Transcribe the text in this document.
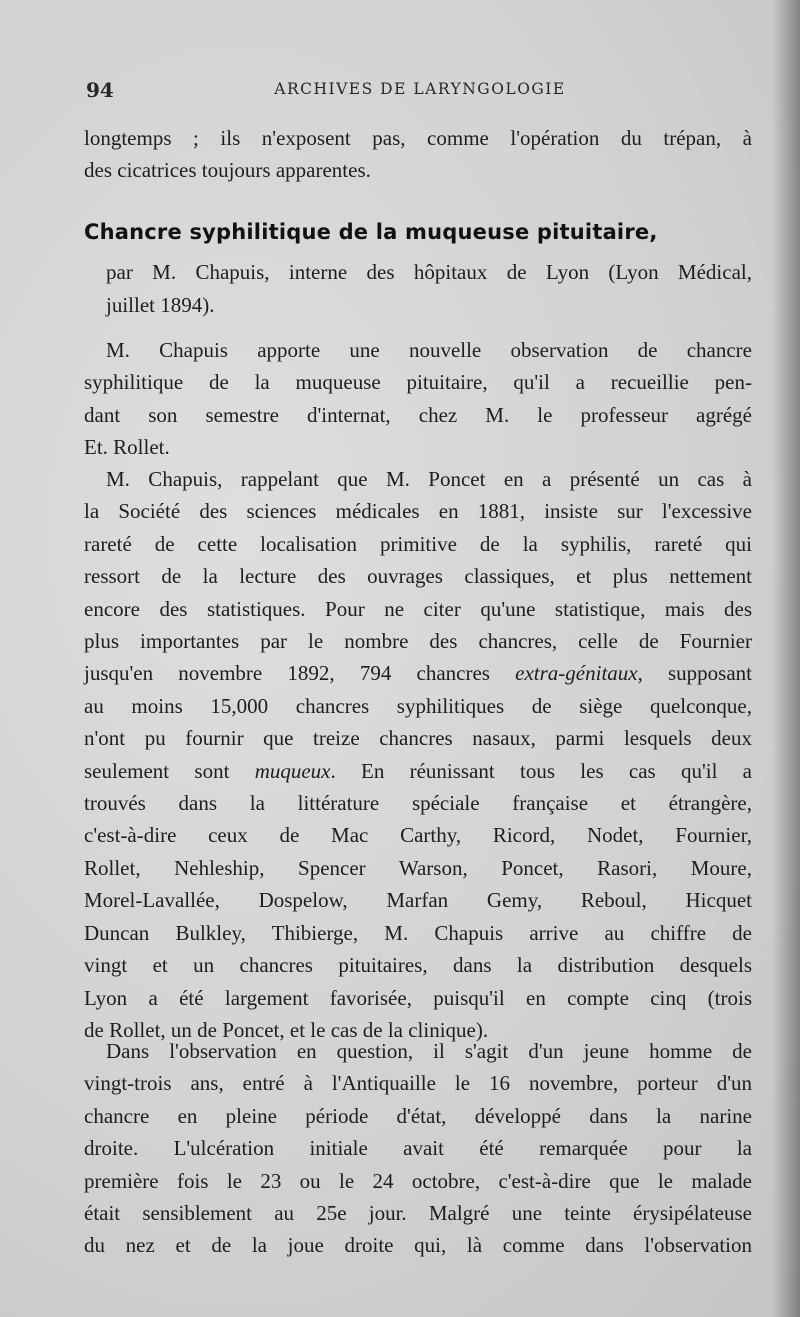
94	ARCHIVES DE LARYNGOLOGIE

longtemps ; ils n'exposent pas, comme l'opération du trépan, à
des cicatrices toujours apparentes.

Chancre syphilitique de la muqueuse pituitaire,
par M. Chapuis, interne des hôpitaux de Lyon (Lyon Médical,
juillet 1894).

M. Chapuis apporte une nouvelle observation de chancre
syphilitique de la muqueuse pituitaire, qu'il a recueillie pen-
dant son semestre d'internat, chez M. le professeur agrégé
Et. Rollet.

M. Chapuis, rappelant que M. Poncet en a présenté un cas à
la Société des sciences médicales en 1881, insiste sur l'excessive
rareté de cette localisation primitive de la syphilis, rareté qui
ressort de la lecture des ouvrages classiques, et plus nettement
encore des statistiques. Pour ne citer qu'une statistique, mais des
plus importantes par le nombre des chancres, celle de Fournier
jusqu'en novembre 1892, 794 chancres extra-génitaux, supposant
au moins 15,000 chancres syphilitiques de siège quelconque,
n'ont pu fournir que treize chancres nasaux, parmi lesquels deux
seulement sont muqueux. En réunissant tous les cas qu'il a
trouvés dans la littérature spéciale française et étrangère,
c'est-à-dire ceux de Mac Carthy, Ricord, Nodet, Fournier,
Rollet, Nehleship, Spencer Warson, Poncet, Rasori, Moure,
Morel-Lavallée, Dospelow, Marfan Gemy, Reboul, Hicquet
Duncan Bulkley, Thibierge, M. Chapuis arrive au chiffre de
vingt et un chancres pituitaires, dans la distribution desquels
Lyon a été largement favorisée, puisqu'il en compte cinq (trois
de Rollet, un de Poncet, et le cas de la clinique).

Dans l'observation en question, il s'agit d'un jeune homme de
vingt-trois ans, entré à l'Antiquaille le 16 novembre, porteur d'un
chancre en pleine période d'état, développé dans la narine
droite. L'ulcération initiale avait été remarquée pour la
première fois le 23 ou le 24 octobre, c'est-à-dire que le malade
était sensiblement au 25e jour. Malgré une teinte érysipélateuse
du nez et de la joue droite qui, là comme dans l'observation
